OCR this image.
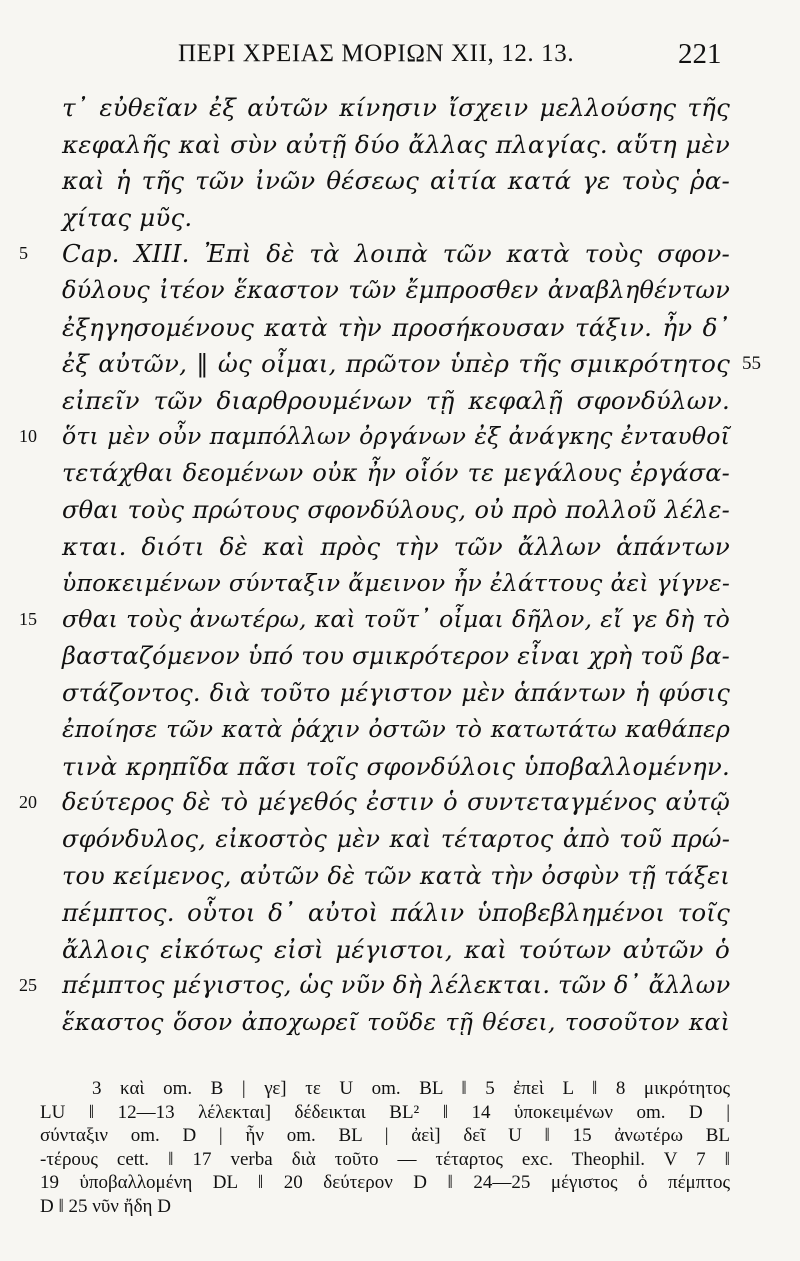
ΠΕΡΙ ΧΡΕΙΑΣ ΜΟΡΙΩΝ XII, 12. 13.	221
τ᾽ εὐθεῖαν ἐξ αὐτῶν κίνησιν ἴσχειν μελλούσης τῆς
κεφαλῆς καὶ σὺν αὐτῇ δύο ἄλλας πλαγίας. αὕτη μὲν
καὶ ἡ τῆς τῶν ἰνῶν θέσεως αἰτία κατά γε τοὺς ῥα-
χίτας μῦς.
5 Cap. XIII. Ἐπὶ δὲ τὰ λοιπὰ τῶν κατὰ τοὺς σφον-
δύλους ἰτέον ἕκαστον τῶν ἔμπροσθεν ἀναβληθέντων
ἐξηγησομένους κατὰ τὴν προσήκουσαν τάξιν. ἦν δ᾽
ἐξ αὐτῶν, ‖ ὡς οἶμαι, πρῶτον ὑπὲρ τῆς σμικρότητος 55
εἰπεῖν τῶν διαρθρουμένων τῇ κεφαλῇ σφονδύλων.
10 ὅτι μὲν οὖν παμπόλλων ὀργάνων ἐξ ἀνάγκης ἐνταυθοῖ
τετάχθαι δεομένων οὐκ ἦν οἷόν τε μεγάλους ἐργάσα-
σθαι τοὺς πρώτους σφονδύλους, οὐ πρὸ πολλοῦ λέλε-
κται. διότι δὲ καὶ πρὸς τὴν τῶν ἄλλων ἁπάντων
ὑποκειμένων σύνταξιν ἄμεινον ἦν ἐλάττους ἀεὶ γίγνε-
15 σθαι τοὺς ἀνωτέρω, καὶ τοῦτ᾽ οἶμαι δῆλον, εἴ γε δὴ τὸ
βασταζόμενον ὑπό του σμικρότερον εἶναι χρὴ τοῦ βα-
στάζοντος. διὰ τοῦτο μέγιστον μὲν ἁπάντων ἡ φύσις
ἐποίησε τῶν κατὰ ῥάχιν ὀστῶν τὸ κατωτάτω καθάπερ
τινὰ κρηπῖδα πᾶσι τοῖς σφονδύλοις ὑποβαλλομένην.
20 δεύτερος δὲ τὸ μέγεθός ἐστιν ὁ συντεταγμένος αὐτῷ
σφόνδυλος, εἰκοστὸς μὲν καὶ τέταρτος ἀπὸ τοῦ πρώ-
του κείμενος, αὐτῶν δὲ τῶν κατὰ τὴν ὀσφὺν τῇ τάξει
πέμπτος. οὗτοι δ᾽ αὐτοὶ πάλιν ὑποβεβλημένοι τοῖς
ἄλλοις εἰκότως εἰσὶ μέγιστοι, καὶ τούτων αὐτῶν ὁ
25 πέμπτος μέγιστος, ὡς νῦν δὴ λέλεκται. τῶν δ᾽ ἄλλων
ἕκαστος ὅσον ἀποχωρεῖ τοῦδε τῇ θέσει, τοσοῦτον καὶ
3 καὶ om. B | γε] τε U om. BL ‖ 5 ἐπεὶ L ‖ 8 μικρότητος
LU ‖ 12—13 λέλεκται] δέδεικται BL² ‖ 14 ὑποκειμένων om. D |
σύνταξιν om. D | ἦν om. BL | ἀεὶ] δεῖ U ‖ 15 ἀνωτέρω BL
-τέρους cett. ‖ 17 verba διὰ τοῦτο — τέταρτος exc. Theophil. V 7 ‖
19 ὑποβαλλομένη DL ‖ 20 δεύτερον D ‖ 24—25 μέγιστος ὁ πέμπτος
D ‖ 25 νῦν ἤδη D
